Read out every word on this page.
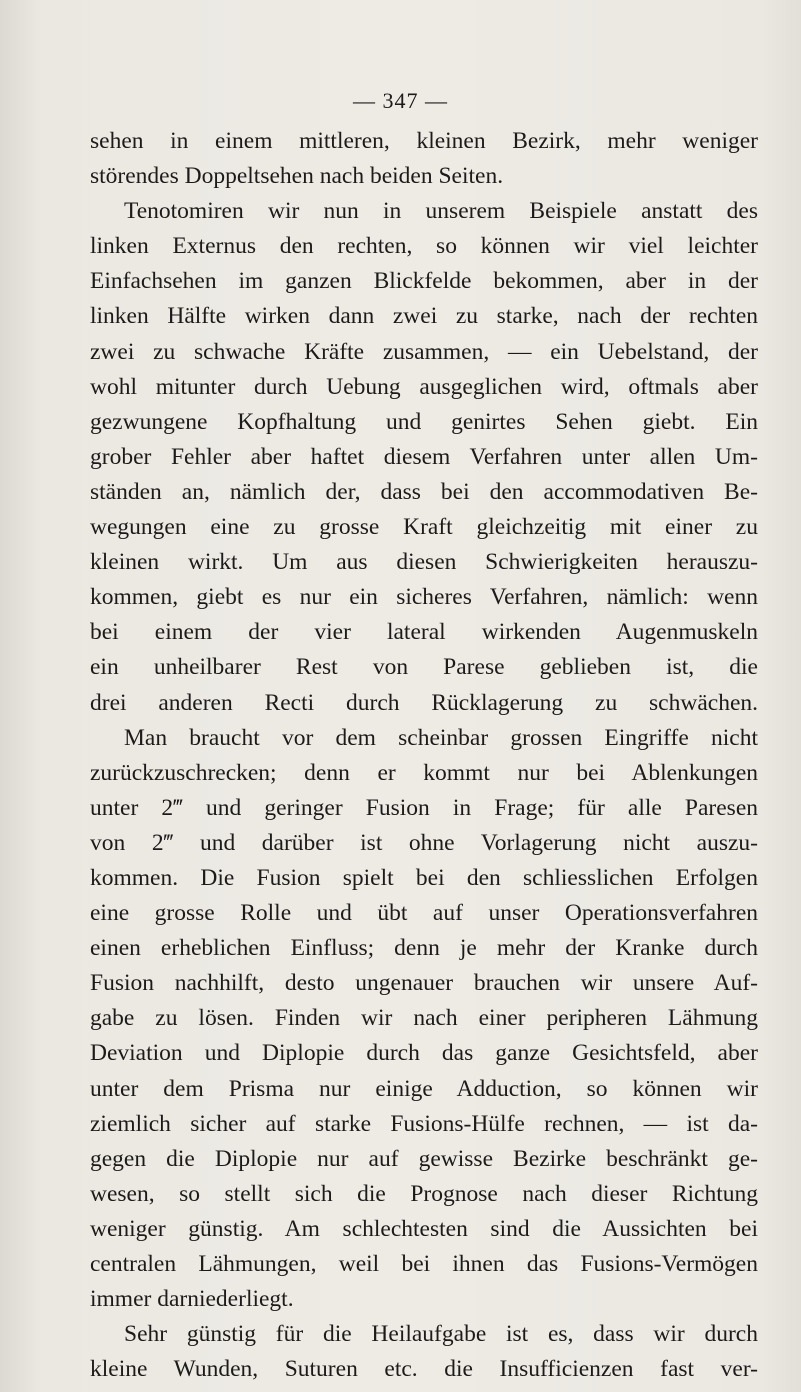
— 347 —
sehen in einem mittleren, kleinen Bezirk, mehr weniger
störendes Doppeltsehen nach beiden Seiten.
Tenotomiren wir nun in unserem Beispiele anstatt des
linken Externus den rechten, so können wir viel leichter
Einfachsehen im ganzen Blickfelde bekommen, aber in der
linken Hälfte wirken dann zwei zu starke, nach der rechten
zwei zu schwache Kräfte zusammen, — ein Uebelstand, der
wohl mitunter durch Uebung ausgeglichen wird, oftmals aber
gezwungene Kopfhaltung und genirtes Sehen giebt. Ein
grober Fehler aber haftet diesem Verfahren unter allen Um-
ständen an, nämlich der, dass bei den accommodativen Be-
wegungen eine zu grosse Kraft gleichzeitig mit einer zu
kleinen wirkt. Um aus diesen Schwierigkeiten herauszu-
kommen, giebt es nur ein sicheres Verfahren, nämlich: wenn
bei einem der vier lateral wirkenden Augenmuskeln
ein unheilbarer Rest von Parese geblieben ist, die
drei anderen Recti durch Rücklagerung zu schwächen.
Man braucht vor dem scheinbar grossen Eingriffe nicht
zurückzuschrecken; denn er kommt nur bei Ablenkungen
unter 2‴ und geringer Fusion in Frage; für alle Paresen
von 2‴ und darüber ist ohne Vorlagerung nicht auszu-
kommen. Die Fusion spielt bei den schliesslichen Erfolgen
eine grosse Rolle und übt auf unser Operationsverfahren
einen erheblichen Einfluss; denn je mehr der Kranke durch
Fusion nachhilft, desto ungenauer brauchen wir unsere Auf-
gabe zu lösen. Finden wir nach einer peripheren Lähmung
Deviation und Diplopie durch das ganze Gesichtsfeld, aber
unter dem Prisma nur einige Adduction, so können wir
ziemlich sicher auf starke Fusions-Hülfe rechnen, — ist da-
gegen die Diplopie nur auf gewisse Bezirke beschränkt ge-
wesen, so stellt sich die Prognose nach dieser Richtung
weniger günstig. Am schlechtesten sind die Aussichten bei
centralen Lähmungen, weil bei ihnen das Fusions-Vermögen
immer darniederliegt.
Sehr günstig für die Heilaufgabe ist es, dass wir durch
kleine Wunden, Suturen etc. die Insufficienzen fast ver-
